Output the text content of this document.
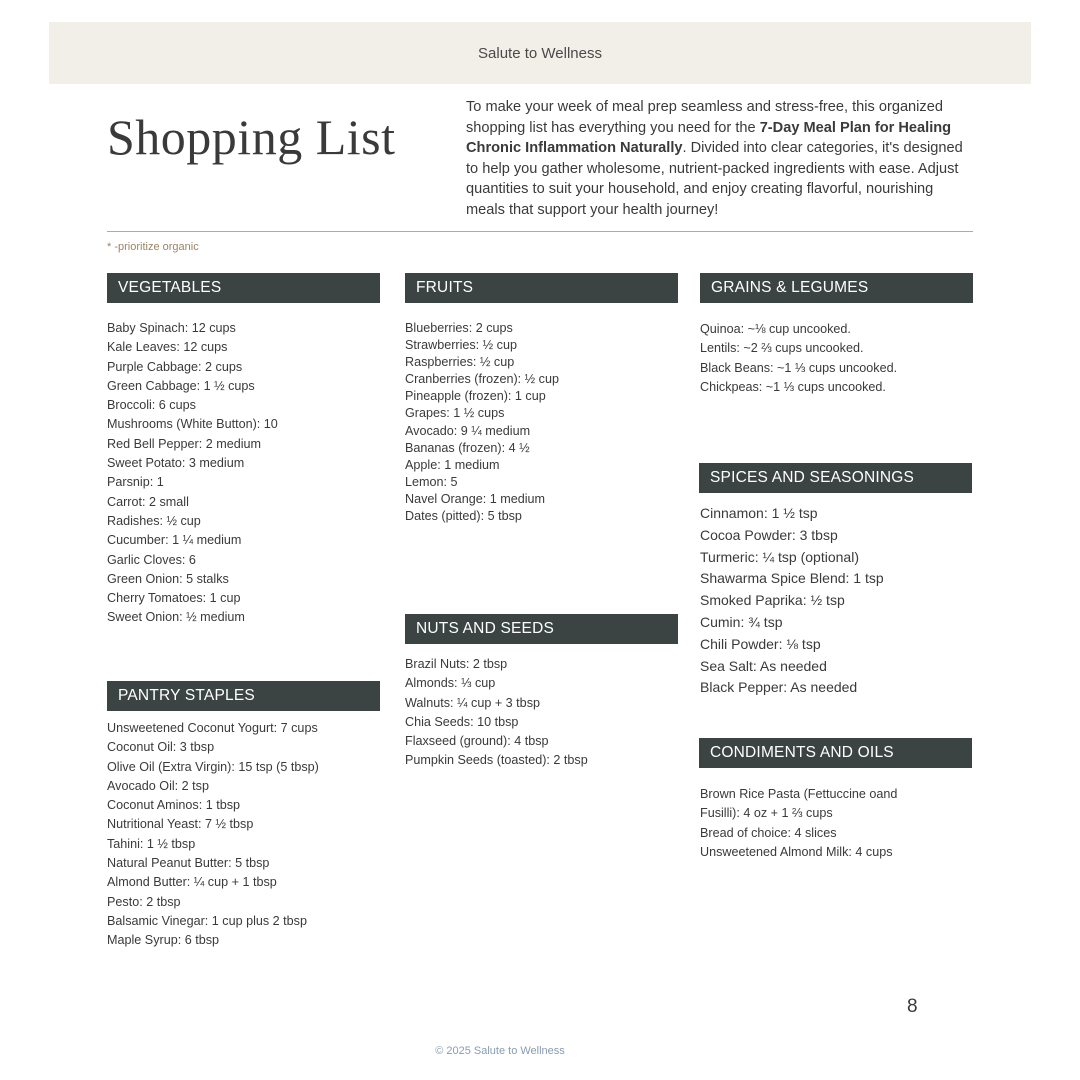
Salute to Wellness
Shopping List
To make your week of meal prep seamless and stress-free, this organized shopping list has everything you need for the 7-Day Meal Plan for Healing Chronic Inflammation Naturally. Divided into clear categories, it's designed to help you gather wholesome, nutrient-packed ingredients with ease. Adjust quantities to suit your household, and enjoy creating flavorful, nourishing meals that support your health journey!
* -prioritize organic
VEGETABLES
Baby Spinach: 12 cups
Kale Leaves: 12 cups
Purple Cabbage: 2 cups
Green Cabbage: 1 ½ cups
Broccoli: 6 cups
Mushrooms (White Button): 10
Red Bell Pepper: 2 medium
Sweet Potato: 3 medium
Parsnip: 1
Carrot: 2 small
Radishes: ½ cup
Cucumber: 1 ¼ medium
Garlic Cloves: 6
Green Onion: 5 stalks
Cherry Tomatoes: 1 cup
Sweet Onion: ½ medium
FRUITS
Blueberries: 2 cups
Strawberries: ½ cup
Raspberries: ½ cup
Cranberries (frozen): ½ cup
Pineapple (frozen): 1 cup
Grapes: 1 ½ cups
Avocado: 9 ¼ medium
Bananas (frozen): 4 ½
Apple: 1 medium
Lemon: 5
Navel Orange: 1 medium
Dates (pitted): 5 tbsp
GRAINS & LEGUMES
Quinoa: ~⅛ cup uncooked.
Lentils: ~2 ⅔ cups uncooked.
Black Beans: ~1 ⅓ cups uncooked.
Chickpeas: ~1 ⅓ cups uncooked.
SPICES AND SEASONINGS
Cinnamon: 1 ½ tsp
Cocoa Powder: 3 tbsp
Turmeric: ¼ tsp (optional)
Shawarma Spice Blend: 1 tsp
Smoked Paprika: ½ tsp
Cumin: ¾ tsp
Chili Powder: ⅛ tsp
Sea Salt: As needed
Black Pepper: As needed
NUTS AND SEEDS
Brazil Nuts: 2 tbsp
Almonds: ⅓ cup
Walnuts: ¼ cup + 3 tbsp
Chia Seeds: 10 tbsp
Flaxseed (ground): 4 tbsp
Pumpkin Seeds (toasted): 2 tbsp
PANTRY STAPLES
Unsweetened Coconut Yogurt: 7 cups
Coconut Oil: 3 tbsp
Olive Oil (Extra Virgin): 15 tsp (5 tbsp)
Avocado Oil: 2 tsp
Coconut Aminos: 1 tbsp
Nutritional Yeast: 7 ½ tbsp
Tahini: 1 ½ tbsp
Natural Peanut Butter: 5 tbsp
Almond Butter: ¼ cup + 1 tbsp
Pesto: 2 tbsp
Balsamic Vinegar: 1 cup plus 2 tbsp
Maple Syrup: 6 tbsp
CONDIMENTS AND OILS
Brown Rice Pasta (Fettuccine oand
Fusilli): 4 oz + 1 ⅔ cups
Bread of choice: 4 slices
Unsweetened Almond Milk: 4 cups
8
© 2025 Salute to Wellness
